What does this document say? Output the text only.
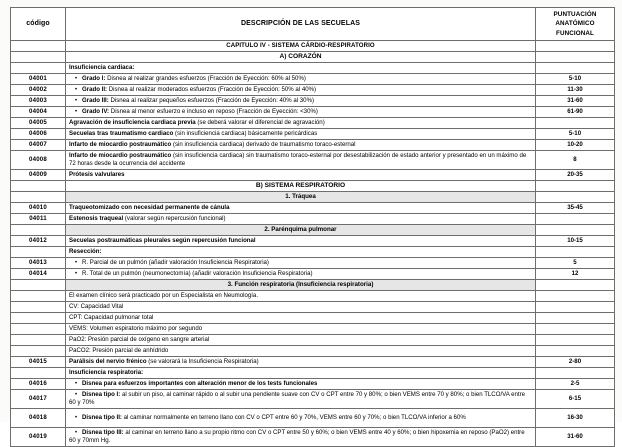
código	DESCRIPCIÓN DE LAS SECUELAS	PUNTUACIÓN
ANATÓMICO
FUNCIONAL

	CAPITULO IV - SISTEMA CÁRDIO-RESPIRATORIO	
	A) CORAZÓN	
	Insuficiencia cardiaca:	
04001	• Grado I: Disnea al realizar grandes esfuerzos (Fracción de Eyección: 60% al 50%)	5-10
04002	• Grado II: Disnea al realizar moderados esfuerzos (Fracción de Eyección: 50% al 40%)	11-30
04003	• Grado III: Disnea al realizar pequeños esfuerzos (Fracción de Eyección: 40% al 30%)	31-60
04004	• Grado IV: Disnea al menor esfuerzo e incluso en reposo (Fracción de Eyección: <30%)	61-90
04005	Agravación de insuficiencia cardiaca previa (se deberá valorar el diferencial de agravación)	
04006	Secuelas tras traumatismo cardiaco (sin insuficiencia cardiaca) básicamente pericárdicas	5-10
04007	Infarto de miocardio postraumático (sin insuficiencia cardiaca) derivado de traumatismo toraco-esternal	10-20
04008	Infarto de miocardio postraumático (sin insuficiencia cardiaca) sin traumatismo toraco-esternal por desestabilización de estado anterior y presentado en un máximo de 72 horas desde la ocurrencia del accidente	8
04009	Prótesis valvulares	20-35
	B) SISTEMA RESPIRATORIO	
	1. Tráquea	
04010	Traqueotomizado con necesidad permanente de cánula	35-45
04011	Estenosis traqueal (valorar según repercusión funcional)	
	2. Parénquima pulmonar	
04012	Secuelas postraumáticas pleurales según repercusión funcional	10-15
	Resección:	
04013	• R. Parcial de un pulmón (añadir valoración Insuficiencia Respiratoria)	5
04014	• R. Total de un pulmón (neumonectomía) (añadir valoración Insuficiencia Respiratoria)	12
	3. Función respiratoria (Insuficiencia respiratoria)	
	El examen clínico será practicado por un Especialista en Neumología.	
	CV: Capacidad Vital	
	CPT: Capacidad pulmonar total	
	VEMS: Volumen espiratorio máximo por segundo	
	PaO2: Presión parcial de oxígeno en sangre arterial	
	PaCO2: Presión parcial de anhídrido	
04015	Parálisis del nervio frénico (se valorará la Insuficiencia Respiratoria)	2-80
	Insuficiencia respiratoria:	
04016	• Disnea para esfuerzos importantes con alteración menor de los tests funcionales	2-5
04017	• Disnea tipo I: al subir un piso, al caminar rápido o al subir una pendiente suave con CV o CPT entre 70 y 80%; o bien VEMS entre 70 y 80%; o bien TLCO/VA entre 60 y 70%	6-15
04018	• Disnea tipo II: al caminar normalmente en terreno llano con CV o CPT entre 60 y 70%, VEMS entre 60 y 70%; o bien TLCO/VA inferior a 60%	16-30
04019	• Disnea tipo III: al caminar en terreno llano a su propio ritmo con CV o CPT entre 50 y 60%; o bien VEMS entre 40 y 60%; o bien hipoxemia en reposo (PaO2) entre 60 y 70mm Hg.	31-60
